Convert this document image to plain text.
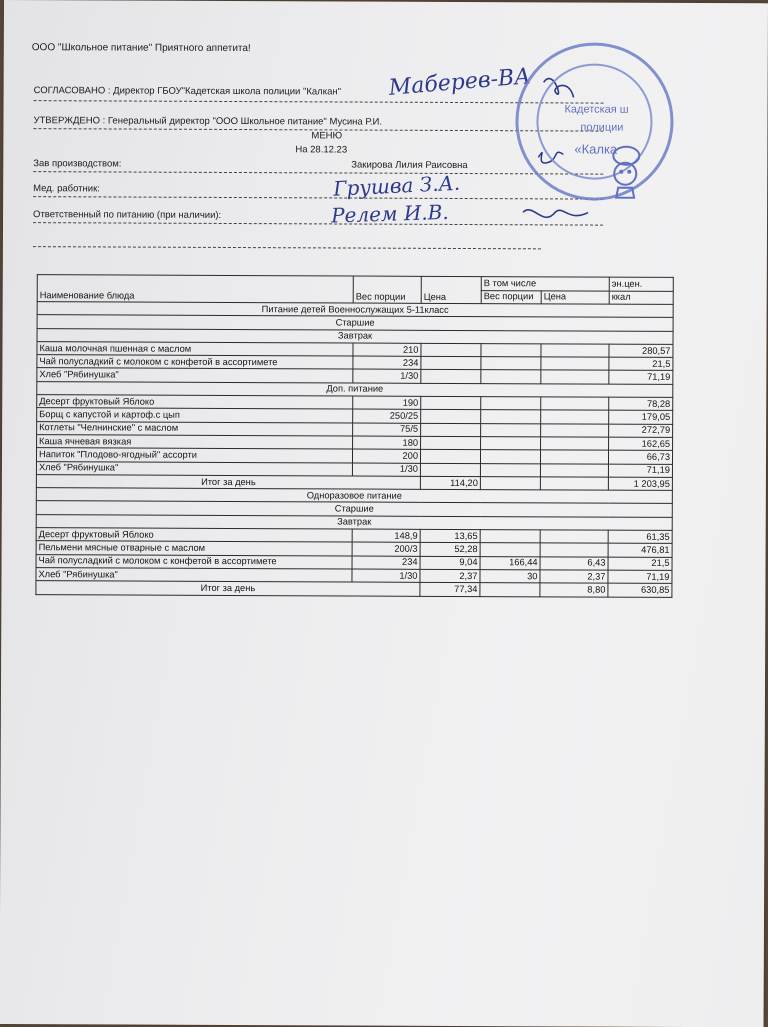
ООО "Школьное питание" Приятного аппетита!
СОГЛАСОВАНО : Директор ГБОУ"Кадетская школа полиции "Калкан" Маберев-ВА
УТВЕРЖДЕНО : Генеральный директор "ООО Школьное питание" Мусина Р.И.
МЕНЮ
На 28.12.23
Зав производством:	Закирова Лилия Раисовна
Мед. работник:	Грушва З.А.
Ответственный по питанию (при наличии):	Релем И.В.
Кадетская ш
полиции
«Калка
Наименование блюда	Вес порции	Цена	В том числе		эн.цен.
			Вес порции	Цена	ккал
Питание детей Военнослужащих 5-11класс					
Старшие					
Завтрак					
Каша молочная пшенная с маслом	210				280,57
Чай полусладкий с молоком с конфетой в ассортимете	234				21,5
Хлеб "Рябинушка"	1/30				71,19
Доп. питание					
Десерт фруктовый Яблоко	190				78,28
Борщ с капустой и картоф.с цып	250/25				179,05
Котлеты "Челнинские" с маслом	75/5				272,79
Каша ячневая вязкая	180				162,65
Напиток "Плодово-ягодный" ассорти	200				66,73
Хлеб "Рябинушка"	1/30				71,19
Итог за день		114,20			1 203,95
Одноразовое питание					
Старшие					
Завтрак					
Десерт фруктовый Яблоко	148,9	13,65			61,35
Пельмени мясные отварные с маслом	200/3	52,28			476,81
Чай полусладкий с молоком с конфетой в ассортимете	234	9,04	166,44	6,43	21,5
Хлеб "Рябинушка"	1/30	2,37	30	2,37	71,19
Итог за день		77,34		8,80	630,85
